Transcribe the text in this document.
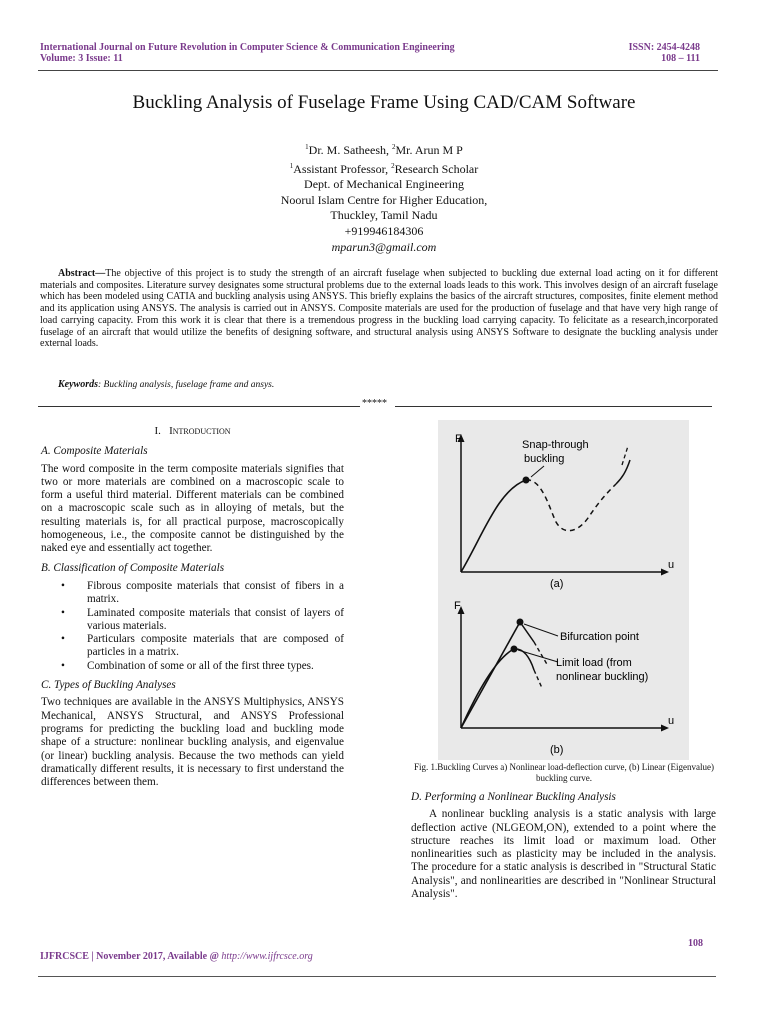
International Journal on Future Revolution in Computer Science & Communication Engineering
Volume: 3 Issue: 11
ISSN: 2454-4248
108 – 111
Buckling Analysis of Fuselage Frame Using CAD/CAM Software
$^1$Dr. M. Satheesh, $^2$Mr. Arun M P
$^1$Assistant Professor, $^2$Research Scholar
Dept. of Mechanical Engineering
Noorul Islam Centre for Higher Education,
Thuckley, Tamil Nadu
+919946184306
mparun3@gmail.com

Abstract—The objective of this project is to study the strength of an aircraft fuselage when subjected to buckling due external load acting on it for different materials and composites. Literature survey designates some structural problems due to the external loads leads to this work. This involves design of an aircraft fuselage which has been modeled using CATIA and buckling analysis using ANSYS. This briefly explains the basics of the aircraft structures, composites, finite element method and its application using ANSYS. The analysis is carried out in ANSYS. Composite materials are used for the production of fuselage and that have very high range of load carrying capacity. From this work it is clear that there is a tremendous progress in the buckling load carrying capacity. To felicitate as a research,incorporated fuselage of an aircraft that would utilize the benefits of designing software, and structural analysis using ANSYS Software to designate the buckling analysis under external loads.

Keywords: Buckling analysis, fuselage frame and ansys.
*****
I. Introduction

A. Composite Materials

The word composite in the term composite materials signifies that two or more materials are combined on a macroscopic scale to form a useful third material. Different materials can be combined on a macroscopic scale such as in alloying of metals, but the resulting materials is, for all practical purpose, macroscopically homogeneous, i.e., the composite cannot be distinguished by the naked eye and essentially act together.

B. Classification of Composite Materials

• Fibrous composite materials that consist of fibers in a matrix.
• Laminated composite materials that consist of layers of various materials.
• Particulars composite materials that are composed of particles in a matrix.
• Combination of some or all of the first three types.

C. Types of Buckling Analyses

Two techniques are available in the ANSYS Multiphysics, ANSYS Mechanical, ANSYS Structural, and ANSYS Professional programs for predicting the buckling load and buckling mode shape of a structure: nonlinear buckling analysis, and eigenvalue (or linear) buckling analysis. Because the two methods can yield dramatically different results, it is necessary to first understand the differences between them.

F
u
Snap-through
buckling
(a)
F
u
Bifurcation point
Limit load (from
nonlinear buckling)
(b)
Fig. 1.Buckling Curves a) Nonlinear load-deflection curve, (b) Linear (Eigenvalue) buckling curve.

D. Performing a Nonlinear Buckling Analysis

A nonlinear buckling analysis is a static analysis with large deflection active (NLGEOM,ON), extended to a point where the structure reaches its limit load or maximum load. Other nonlinearities such as plasticity may be included in the analysis. The procedure for a static analysis is described in "Structural Static Analysis", and nonlinearities are described in "Nonlinear Structural Analysis".

108
IJFRCSCE | November 2017, Available @ http://www.ijfrcsce.org
